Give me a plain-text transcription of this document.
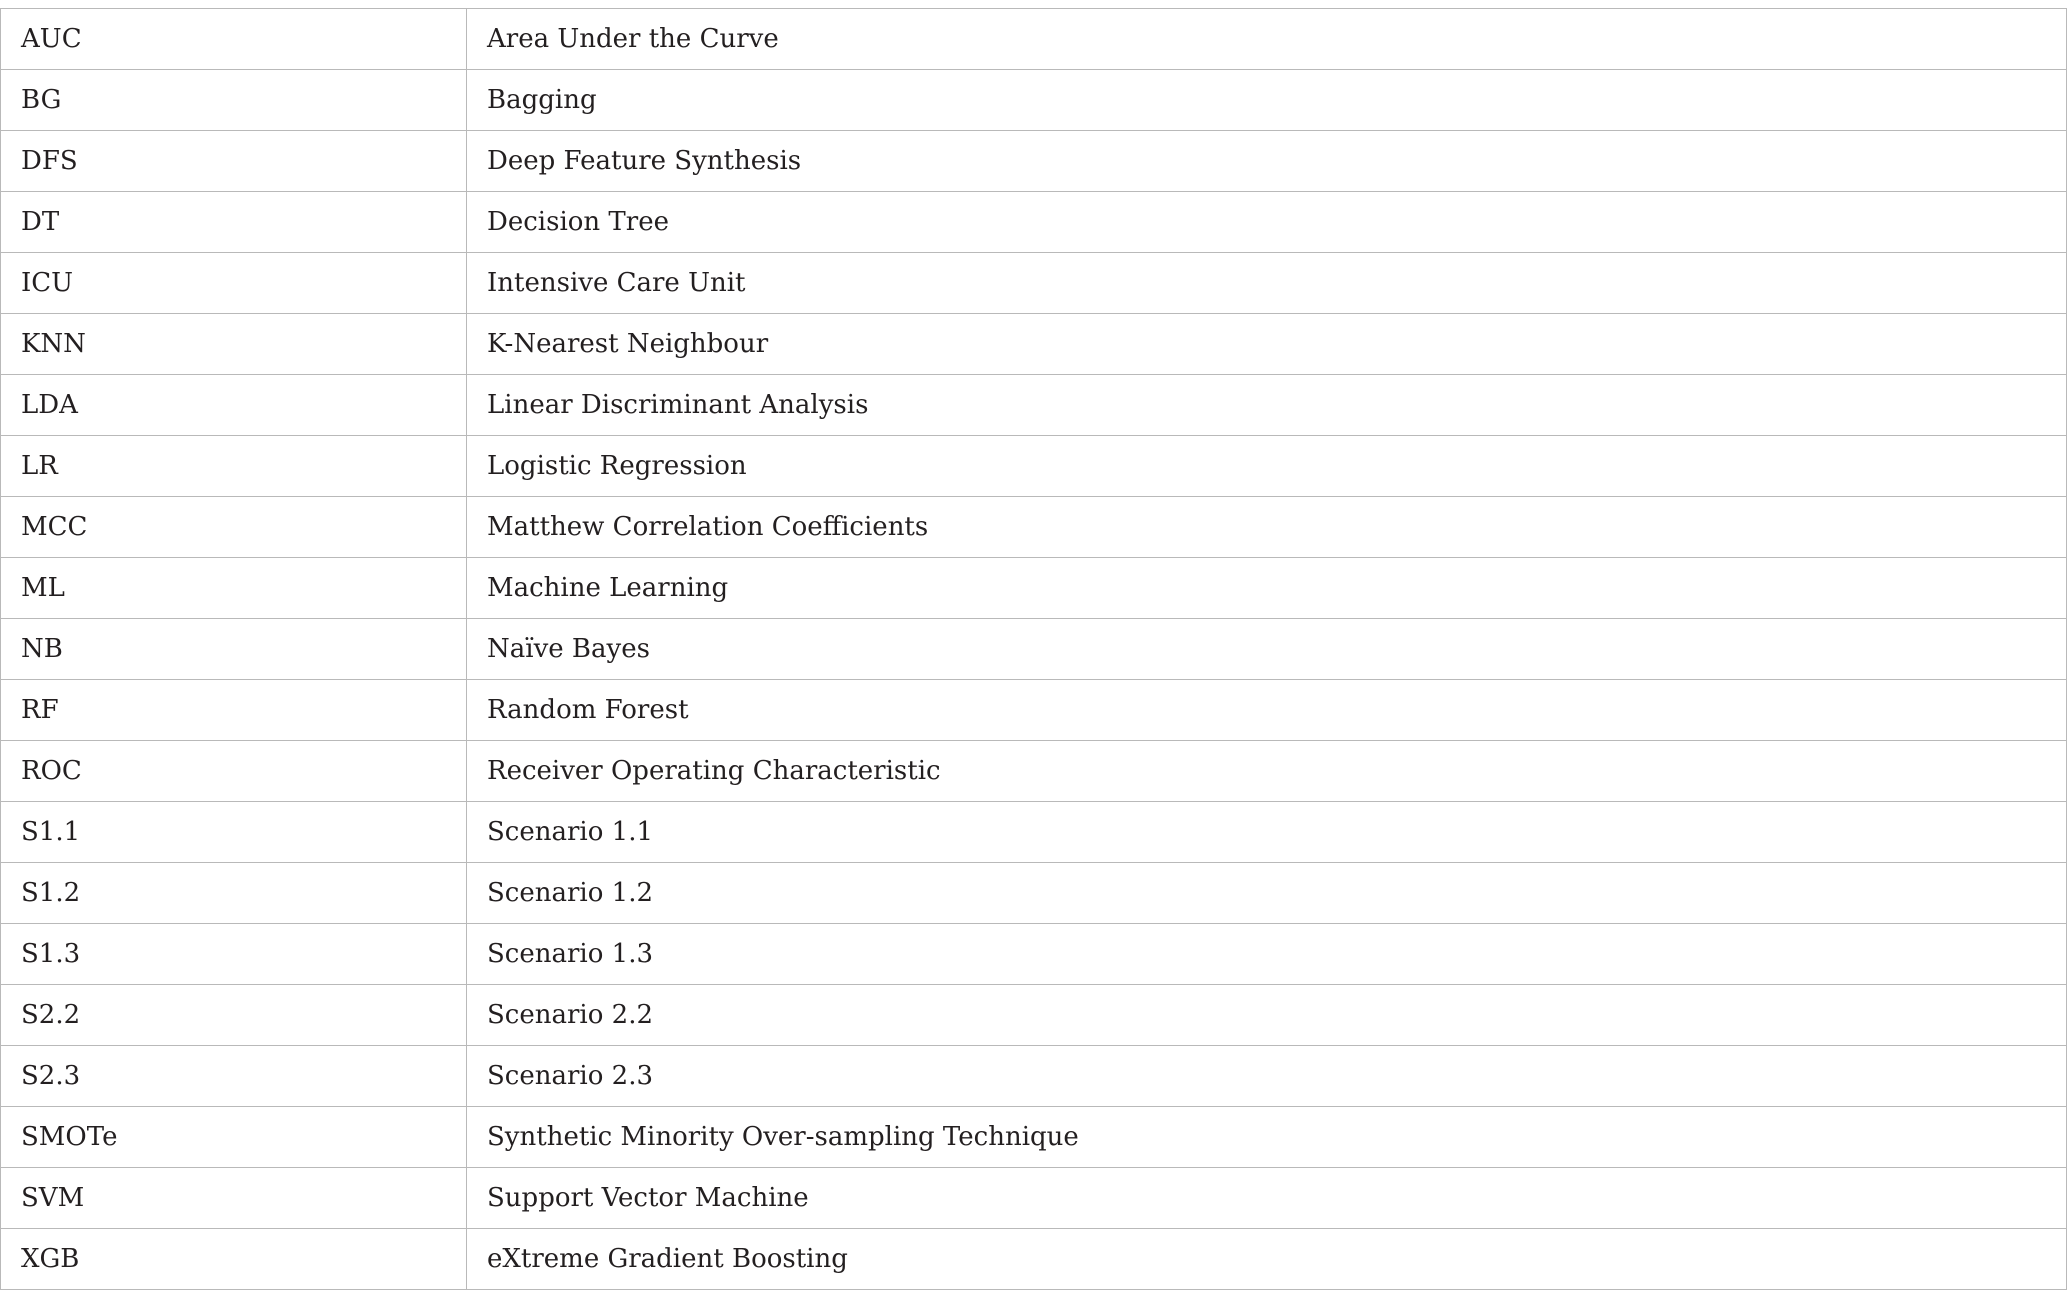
AUC	Area Under the Curve
BG	Bagging
DFS	Deep Feature Synthesis
DT	Decision Tree
ICU	Intensive Care Unit
KNN	K-Nearest Neighbour
LDA	Linear Discriminant Analysis
LR	Logistic Regression
MCC	Matthew Correlation Coefficients
ML	Machine Learning
NB	Naïve Bayes
RF	Random Forest
ROC	Receiver Operating Characteristic
S1.1	Scenario 1.1
S1.2	Scenario 1.2
S1.3	Scenario 1.3
S2.2	Scenario 2.2
S2.3	Scenario 2.3
SMOTe	Synthetic Minority Over-sampling Technique
SVM	Support Vector Machine
XGB	eXtreme Gradient Boosting
